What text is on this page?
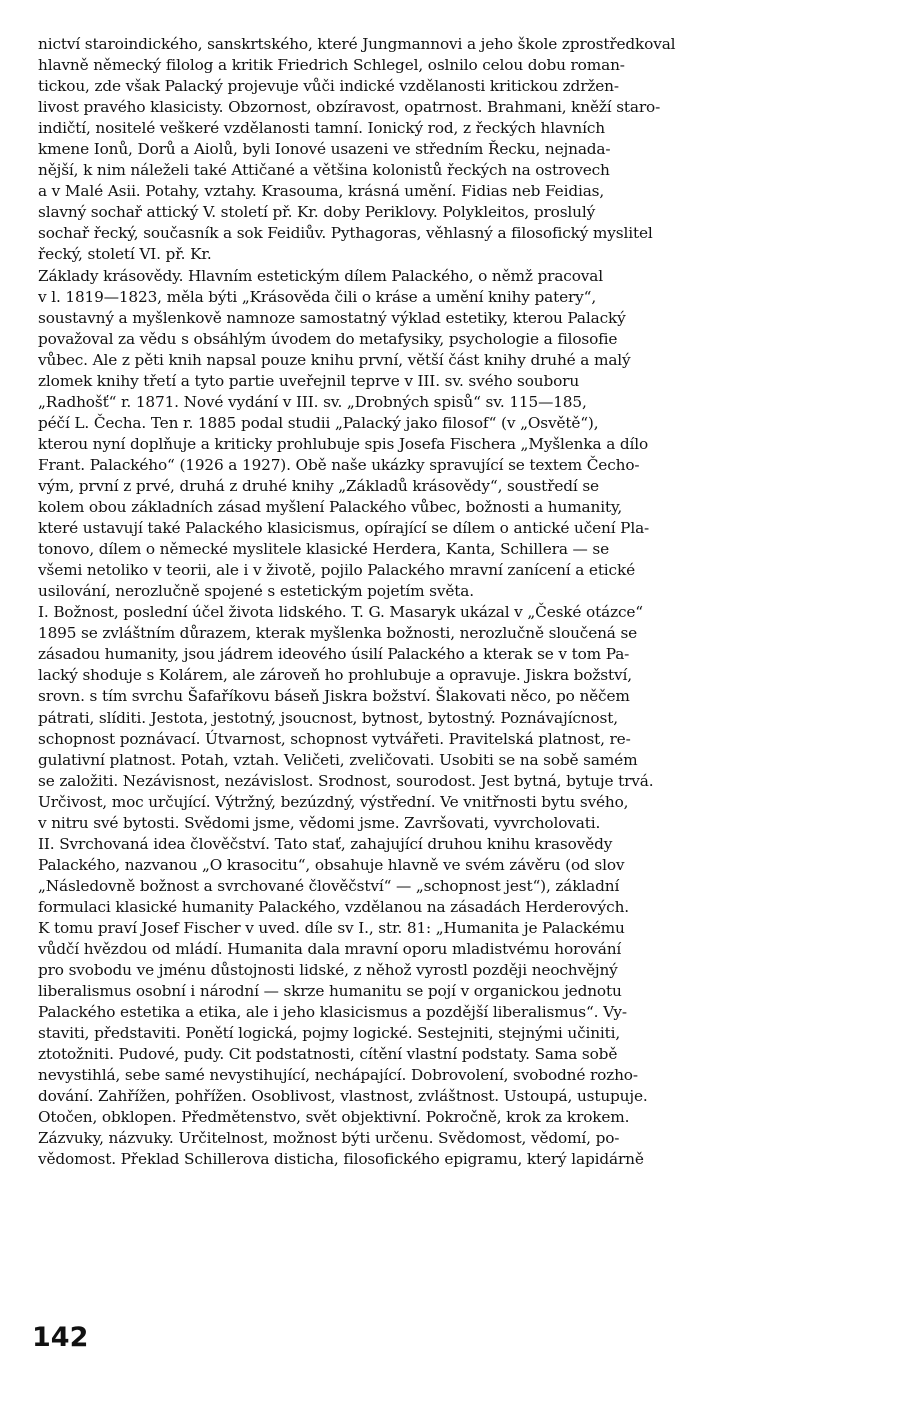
nictví staroindického, sanskrtského, které Jungmannovi a jeho škole zprostředkoval
hlavně německý filolog a kritik Friedrich Schlegel, oslnilo celou dobu roman-
tickou, zde však Palacký projevuje vůči indické vzdělanosti kritickou zdržen-
livost pravého klasicisty. Obzornost, obzíravost, opatrnost. Brahmani, kněží staro-
indičtí, nositelé veškeré vzdělanosti tamní. Ionický rod, z řeckých hlavních
kmene Ionů, Dorů a Aiolů, byli Ionové usazeni ve středním Řecku, nejnada-
nější, k nim náleželi také Attičané a většina kolonistů řeckých na ostrovech
a v Malé Asii. Potahy, vztahy. Krasouma, krásná umění. Fidias neb Feidias,
slavný sochař attický V. století př. Kr. doby Periklovy. Polykleitos, proslulý
sochař řecký, současník a sok Feidiův. Pythagoras, věhlasný a filosofický myslitel
řecký, století VI. př. Kr.
Základy krásovědy. Hlavním estetickým dílem Palackého, o němž pracoval
v l. 1819—1823, měla býti „Krásověda čili o kráse a umění knihy patery“,
soustavný a myšlenkově namnoze samostatný výklad estetiky, kterou Palacký
považoval za vědu s obsáhlým úvodem do metafysiky, psychologie a filosofie
vůbec. Ale z pěti knih napsal pouze knihu první, větší část knihy druhé a malý
zlomek knihy třetí a tyto partie uveřejnil teprve v III. sv. svého souboru
„Radhošť“ r. 1871. Nové vydání v III. sv. „Drobných spisů“ sv. 115—185,
péčí L. Čecha. Ten r. 1885 podal studii „Palacký jako filosof“ (v „Osvětě“),
kterou nyní doplňuje a kriticky prohlubuje spis Josefa Fischera „Myšlenka a dílo
Frant. Palackého“ (1926 a 1927). Obě naše ukázky spravující se textem Čecho-
vým, první z prvé, druhá z druhé knihy „Základů krásovědy“, soustředí se
kolem obou základních zásad myšlení Palackého vůbec, božnosti a humanity,
které ustavují také Palackého klasicismus, opírající se dílem o antické učení Pla-
tonovo, dílem o německé myslitele klasické Herdera, Kanta, Schillera — se
všemi netoliko v teorii, ale i v životě, pojilo Palackého mravní zanícení a etické
usilování, nerozlučně spojené s estetickým pojetím světa.
I. Božnost, poslední účel života lidského. T. G. Masaryk ukázal v „České otázce“
1895 se zvláštním důrazem, kterak myšlenka božnosti, nerozlučně sloučená se
zásadou humanity, jsou jádrem ideového úsilí Palackého a kterak se v tom Pa-
lacký shoduje s Kolárem, ale zároveň ho prohlubuje a opravuje. Jiskra božství,
srovn. s tím svrchu Šafaříkovu báseň Jiskra božství. Šlakovati něco, po něčem
pátrati, slíditi. Jestota, jestotný, jsoucnost, bytnost, bytostný. Poznávajícnost,
schopnost poznávací. Útvarnost, schopnost vytvářeti. Pravitelská platnost, re-
gulativní platnost. Potah, vztah. Veličeti, zveličovati. Usobiti se na sobě samém
se založiti. Nezávisnost, nezávislost. Srodnost, sourodost. Jest bytná, bytuje trvá.
Určivost, moc určující. Výtržný, bezúzdný, výstřední. Ve vnitřnosti bytu svého,
v nitru své bytosti. Svědomi jsme, vědomi jsme. Završovati, vyvrcholovati.
II. Svrchovaná idea člověčství. Tato stať, zahajující druhou knihu krasovědy
Palackého, nazvanou „O krasocitu“, obsahuje hlavně ve svém závěru (od slov
„Následovně božnost a svrchované člověčství“ — „schopnost jest“), základní
formulaci klasické humanity Palackého, vzdělanou na zásadách Herderových.
K tomu praví Josef Fischer v uved. díle sv I., str. 81: „Humanita je Palackému
vůdčí hvězdou od mládí. Humanita dala mravní oporu mladistvému horování
pro svobodu ve jménu důstojnosti lidské, z něhož vyrostl později neochvějný
liberalismus osobní i národní — skrze humanitu se pojí v organickou jednotu
Palackého estetika a etika, ale i jeho klasicismus a pozdější liberalismus“. Vy-
staviti, představiti. Ponětí logická, pojmy logické. Sestejniti, stejnými učiniti,
ztotožniti. Pudové, pudy. Cit podstatnosti, cítění vlastní podstaty. Sama sobě
nevystihlá, sebe samé nevystihující, nechápající. Dobrovolení, svobodné rozho-
dování. Zahřížen, pohřížen. Osoblivost, vlastnost, zvláštnost. Ustoupá, ustupuje.
Otočen, obklopen. Předmětenstvo, svět objektivní. Pokročně, krok za krokem.
Zázvuky, názvuky. Určitelnost, možnost býti určenu. Svědomost, vědomí, po-
vědomost. Překlad Schillerova disticha, filosofického epigramu, který lapidárně
142
